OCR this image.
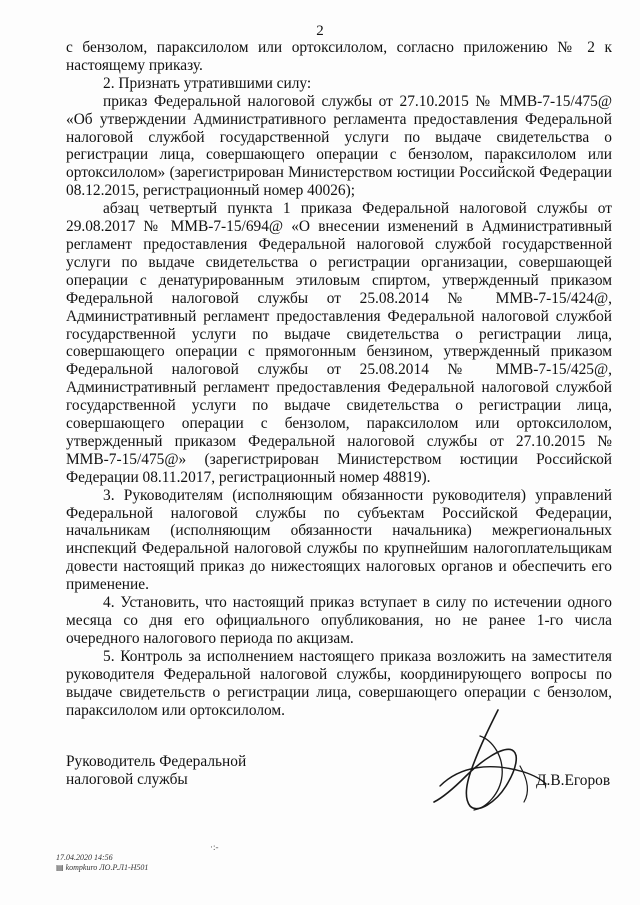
2

с бензолом, параксилолом или ортоксилолом, согласно приложению № 2 к настоящему приказу.

2. Признать утратившими силу:

приказ Федеральной налоговой службы от 27.10.2015 № ММВ-7-15/475@ «Об утверждении Административного регламента предоставления Федеральной налоговой службой государственной услуги по выдаче свидетельства о регистрации лица, совершающего операции с бензолом, параксилолом или ортоксилолом» (зарегистрирован Министерством юстиции Российской Федерации 08.12.2015, регистрационный номер 40026);

абзац четвертый пункта 1 приказа Федеральной налоговой службы от 29.08.2017 № ММВ-7-15/694@ «О внесении изменений в Административный регламент предоставления Федеральной налоговой службой государственной услуги по выдаче свидетельства о регистрации организации, совершающей операции с денатурированным этиловым спиртом, утвержденный приказом Федеральной налоговой службы от 25.08.2014 № ММВ-7-15/424@, Административный регламент предоставления Федеральной налоговой службой государственной услуги по выдаче свидетельства о регистрации лица, совершающего операции с прямогонным бензином, утвержденный приказом Федеральной налоговой службы от 25.08.2014 № ММВ-7-15/425@, Административный регламент предоставления Федеральной налоговой службой государственной услуги по выдаче свидетельства о регистрации лица, совершающего операции с бензолом, параксилолом или ортоксилолом, утвержденный приказом Федеральной налоговой службы от 27.10.2015 № ММВ-7-15/475@» (зарегистрирован Министерством юстиции Российской Федерации 08.11.2017, регистрационный номер 48819).

3. Руководителям (исполняющим обязанности руководителя) управлений Федеральной налоговой службы по субъектам Российской Федерации, начальникам (исполняющим обязанности начальника) межрегиональных инспекций Федеральной налоговой службы по крупнейшим налогоплательщикам довести настоящий приказ до нижестоящих налоговых органов и обеспечить его применение.

4. Установить, что настоящий приказ вступает в силу по истечении одного месяца со дня его официального опубликования, но не ранее 1-го числа очередного налогового периода по акцизам.

5. Контроль за исполнением настоящего приказа возложить на заместителя руководителя Федеральной налоговой службы, координирующего вопросы по выдаче свидетельств о регистрации лица, совершающего операции с бензолом, параксилолом или ортоксилолом.

Руководитель Федеральной
налоговой службы	Д.В.Егоров
·:-
17.04.2020 14:56
▤ kompkuro ЛО.Р.Л1-Н501
